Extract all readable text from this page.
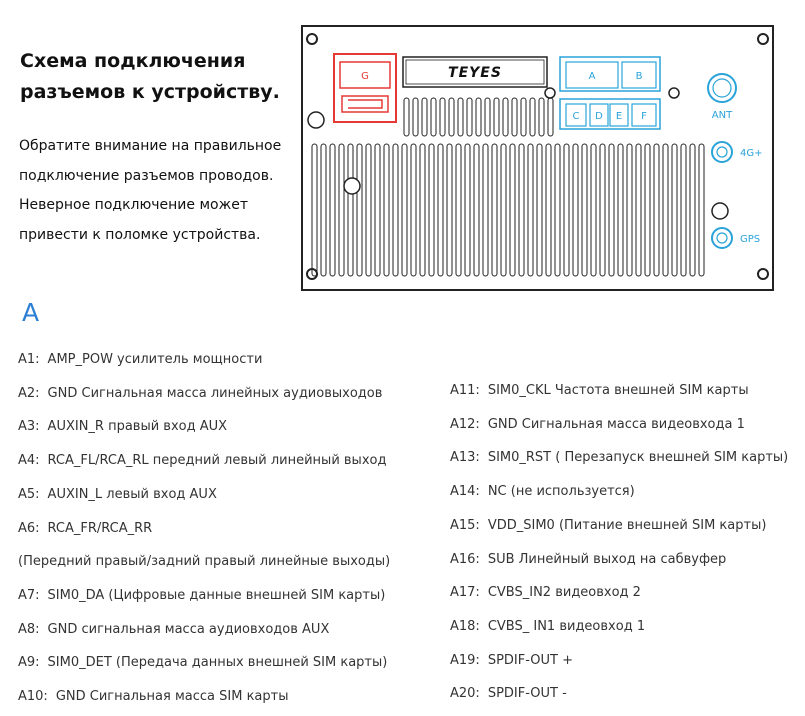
Схема подключения
разъемов к устройству.
Обратите внимание на правильное
подключение разъемов проводов.
Неверное подключение может
привести к поломке устройства.
G	TEYES	A	B
C D E F	ANT
4G+
GPS
A
A1: AMP_POW усилитель мощности
A2: GND Сигнальная масса линейных аудиовыходов
A3: AUXIN_R правый вход AUX
A4: RCA_FL/RCA_RL передний левый линейный выход
A5: AUXIN_L левый вход AUX
A6: RCA_FR/RCA_RR
(Передний правый/задний правый линейные выходы)
A7: SIM0_DA (Цифровые данные внешней SIM карты)
A8: GND сигнальная масса аудиовходов AUX
A9: SIM0_DET (Передача данных внешней SIM карты)
A10: GND Сигнальная масса SIM карты
A11: SIM0_CKL Частота внешней SIM карты
A12: GND Сигнальная масса видеовхода 1
A13: SIM0_RST ( Перезапуск внешней SIM карты)
A14: NC (не используется)
A15: VDD_SIM0 (Питание внешней SIM карты)
A16: SUB Линейный выход на сабвуфер
A17: CVBS_IN2 видеовход 2
A18: CVBS_ IN1 видеовход 1
A19: SPDIF-OUT +
A20: SPDIF-OUT -
